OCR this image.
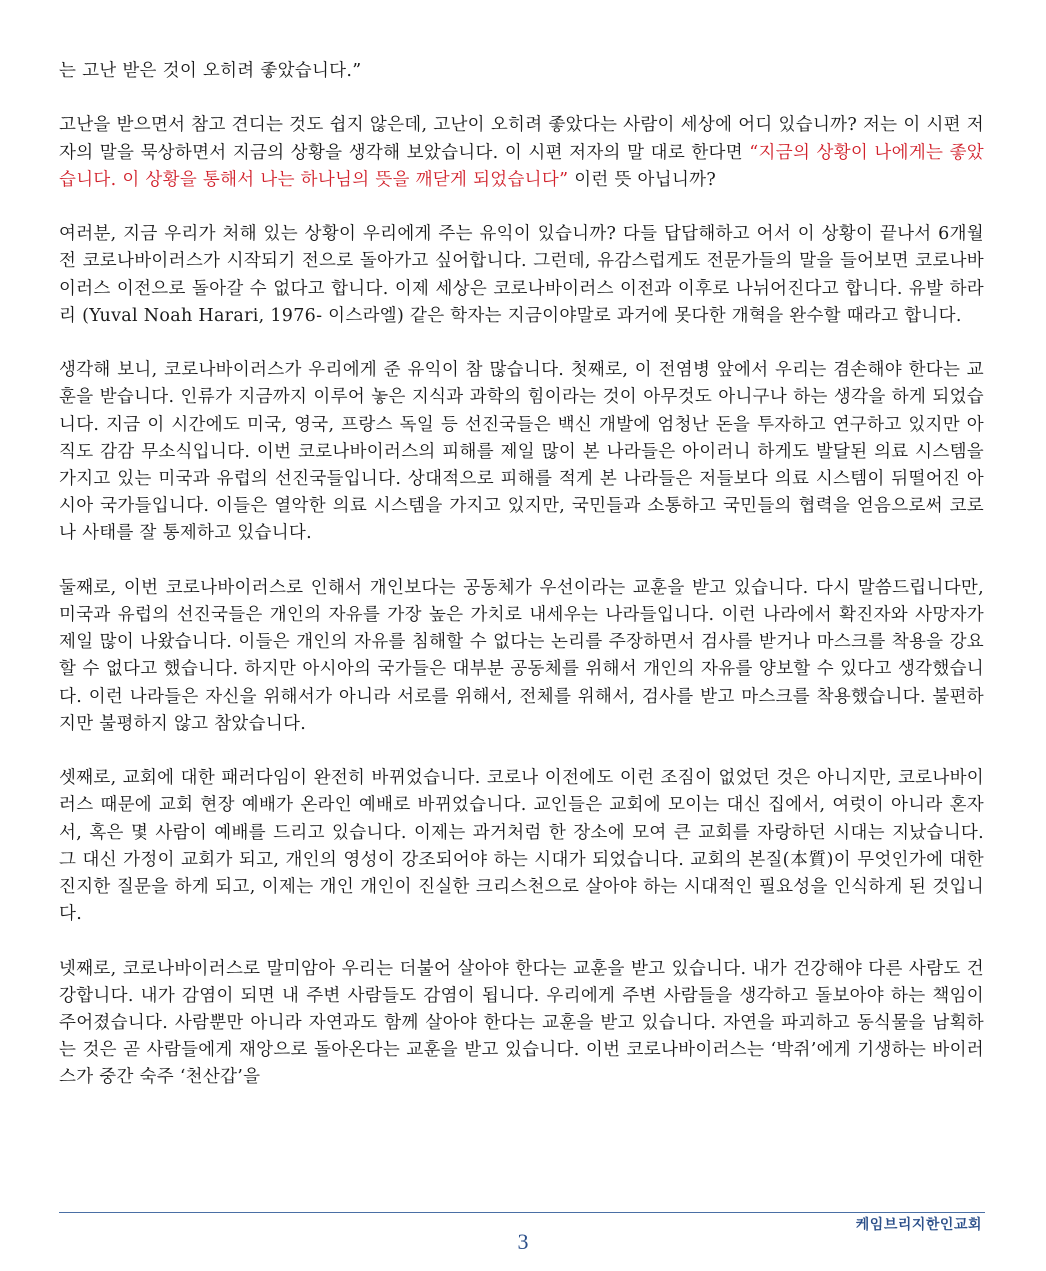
는 고난 받은 것이 오히려 좋았습니다.”

고난을 받으면서 참고 견디는 것도 쉽지 않은데, 고난이 오히려 좋았다는 사람이 세상에 어디 있습니까? 저는 이 시편 저자의 말을 묵상하면서 지금의 상황을 생각해 보았습니다. 이 시편 저자의 말 대로 한다면 “지금의 상황이 나에게는 좋았습니다. 이 상황을 통해서 나는 하나님의 뜻을 깨닫게 되었습니다” 이런 뜻 아닙니까?

여러분, 지금 우리가 처해 있는 상황이 우리에게 주는 유익이 있습니까? 다들 답답해하고 어서 이 상황이 끝나서 6개월 전 코로나바이러스가 시작되기 전으로 돌아가고 싶어합니다. 그런데, 유감스럽게도 전문가들의 말을 들어보면 코로나바이러스 이전으로 돌아갈 수 없다고 합니다. 이제 세상은 코로나바이러스 이전과 이후로 나뉘어진다고 합니다. 유발 하라리 (Yuval Noah Harari, 1976- 이스라엘) 같은 학자는 지금이야말로 과거에 못다한 개혁을 완수할 때라고 합니다.

생각해 보니, 코로나바이러스가 우리에게 준 유익이 참 많습니다. 첫째로, 이 전염병 앞에서 우리는 겸손해야 한다는 교훈을 받습니다. 인류가 지금까지 이루어 놓은 지식과 과학의 힘이라는 것이 아무것도 아니구나 하는 생각을 하게 되었습니다. 지금 이 시간에도 미국, 영국, 프랑스 독일 등 선진국들은 백신 개발에 엄청난 돈을 투자하고 연구하고 있지만 아직도 감감 무소식입니다. 이번 코로나바이러스의 피해를 제일 많이 본 나라들은 아이러니 하게도 발달된 의료 시스템을 가지고 있는 미국과 유럽의 선진국들입니다. 상대적으로 피해를 적게 본 나라들은 저들보다 의료 시스템이 뒤떨어진 아시아 국가들입니다. 이들은 열악한 의료 시스템을 가지고 있지만, 국민들과 소통하고 국민들의 협력을 얻음으로써 코로나 사태를 잘 통제하고 있습니다.

둘째로, 이번 코로나바이러스로 인해서 개인보다는 공동체가 우선이라는 교훈을 받고 있습니다. 다시 말씀드립니다만, 미국과 유럽의 선진국들은 개인의 자유를 가장 높은 가치로 내세우는 나라들입니다. 이런 나라에서 확진자와 사망자가 제일 많이 나왔습니다. 이들은 개인의 자유를 침해할 수 없다는 논리를 주장하면서 검사를 받거나 마스크를 착용을 강요할 수 없다고 했습니다. 하지만 아시아의 국가들은 대부분 공동체를 위해서 개인의 자유를 양보할 수 있다고 생각했습니다. 이런 나라들은 자신을 위해서가 아니라 서로를 위해서, 전체를 위해서, 검사를 받고 마스크를 착용했습니다. 불편하지만 불평하지 않고 참았습니다.

셋째로, 교회에 대한 패러다임이 완전히 바뀌었습니다. 코로나 이전에도 이런 조짐이 없었던 것은 아니지만, 코로나바이러스 때문에 교회 현장 예배가 온라인 예배로 바뀌었습니다. 교인들은 교회에 모이는 대신 집에서, 여럿이 아니라 혼자서, 혹은 몇 사람이 예배를 드리고 있습니다. 이제는 과거처럼 한 장소에 모여 큰 교회를 자랑하던 시대는 지났습니다. 그 대신 가정이 교회가 되고, 개인의 영성이 강조되어야 하는 시대가 되었습니다. 교회의 본질(本質)이 무엇인가에 대한 진지한 질문을 하게 되고, 이제는 개인 개인이 진실한 크리스천으로 살아야 하는 시대적인 필요성을 인식하게 된 것입니다.

넷째로, 코로나바이러스로 말미암아 우리는 더불어 살아야 한다는 교훈을 받고 있습니다. 내가 건강해야 다른 사람도 건강합니다. 내가 감염이 되면 내 주변 사람들도 감염이 됩니다. 우리에게 주변 사람들을 생각하고 돌보아야 하는 책임이 주어졌습니다. 사람뿐만 아니라 자연과도 함께 살아야 한다는 교훈을 받고 있습니다. 자연을 파괴하고 동식물을 남획하는 것은 곧 사람들에게 재앙으로 돌아온다는 교훈을 받고 있습니다. 이번 코로나바이러스는 ‘박쥐’에게 기생하는 바이러스가 중간 숙주 ‘천산갑’을

케임브리지한인교회
3
